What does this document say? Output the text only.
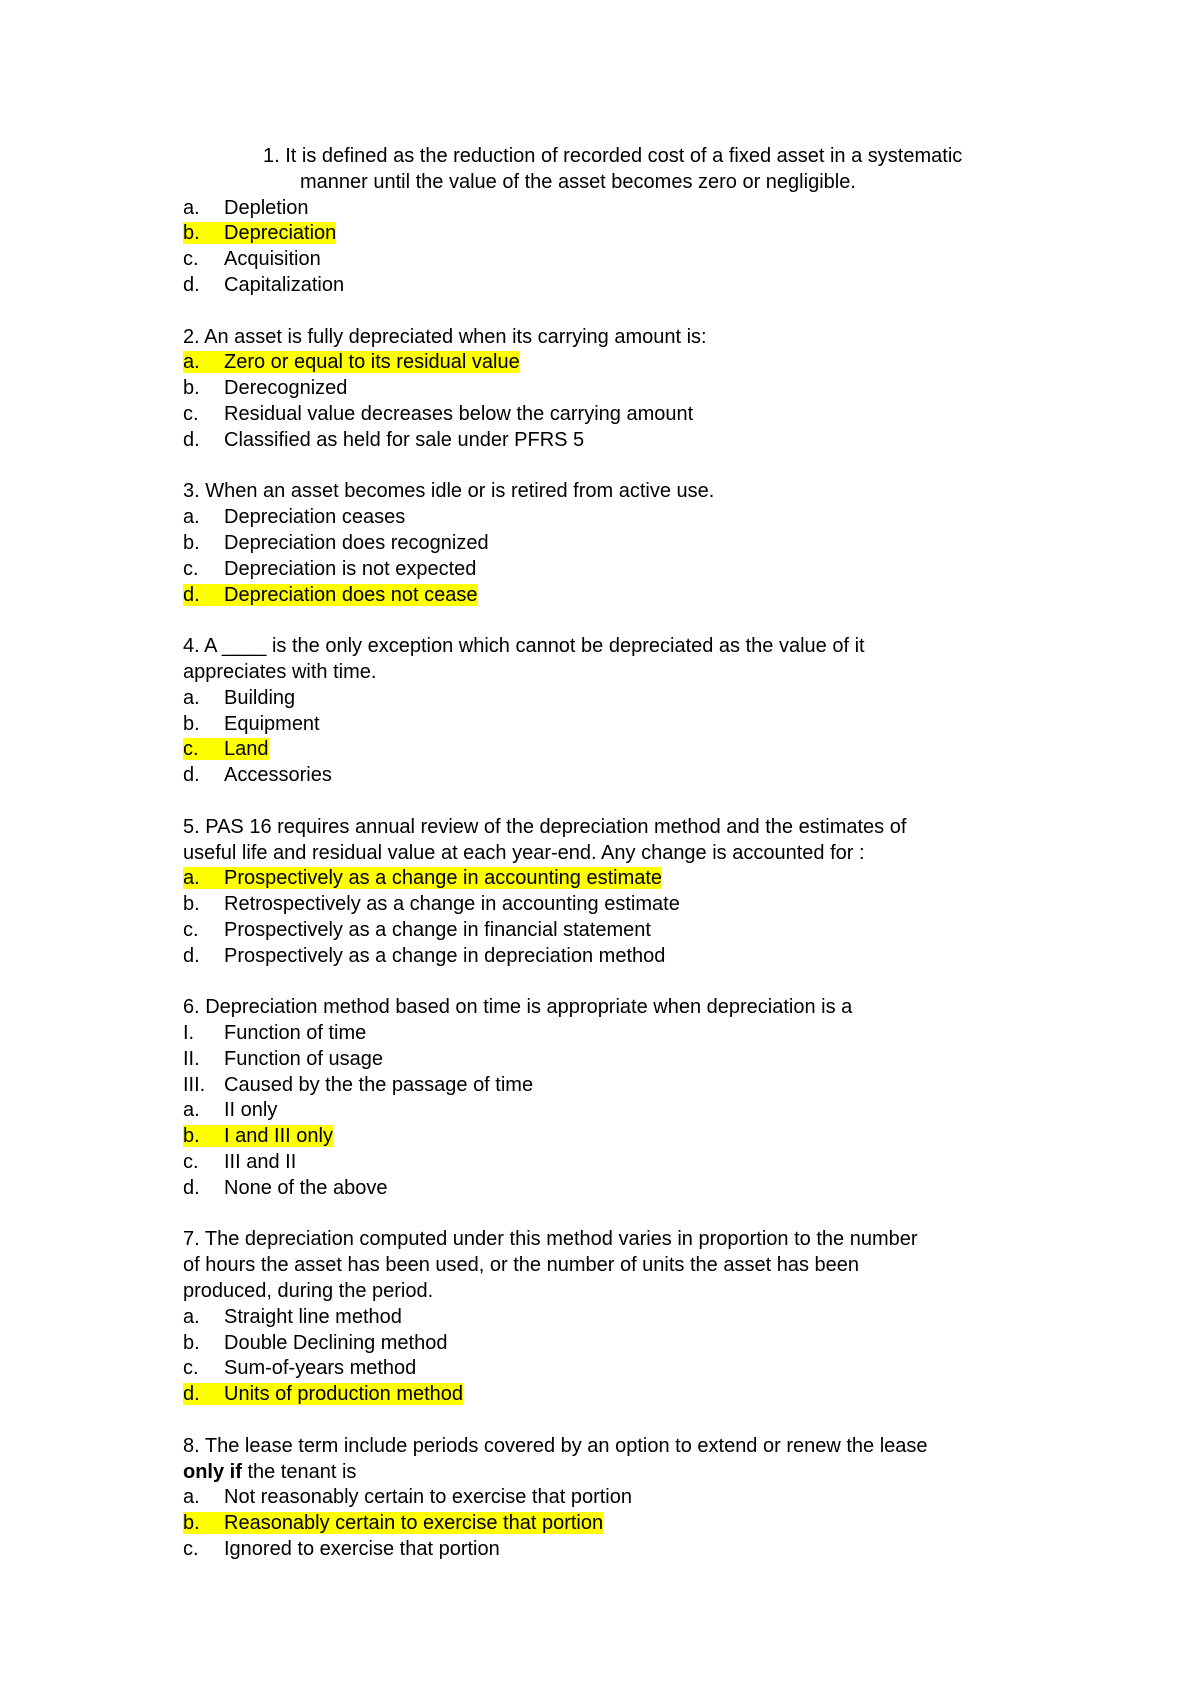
1. It is defined as the reduction of recorded cost of a fixed asset in a systematic
manner until the value of the asset becomes zero or negligible.
a. Depletion
b. Depreciation
c. Acquisition
d. Capitalization
2. An asset is fully depreciated when its carrying amount is:
a. Zero or equal to its residual value
b. Derecognized
c. Residual value decreases below the carrying amount
d. Classified as held for sale under PFRS 5
3. When an asset becomes idle or is retired from active use.
a. Depreciation ceases
b. Depreciation does recognized
c. Depreciation is not expected
d. Depreciation does not cease
4. A ____ is the only exception which cannot be depreciated as the value of it
appreciates with time.
a. Building
b. Equipment
c. Land
d. Accessories
5. PAS 16 requires annual review of the depreciation method and the estimates of
useful life and residual value at each year-end. Any change is accounted for :
a. Prospectively as a change in accounting estimate
b. Retrospectively as a change in accounting estimate
c. Prospectively as a change in financial statement
d. Prospectively as a change in depreciation method
6. Depreciation method based on time is appropriate when depreciation is a
I. Function of time
II. Function of usage
III. Caused by the the passage of time
a. II only
b. I and III only
c. III and II
d. None of the above
7. The depreciation computed under this method varies in proportion to the number
of hours the asset has been used, or the number of units the asset has been
produced, during the period.
a. Straight line method
b. Double Declining method
c. Sum-of-years method
d. Units of production method
8. The lease term include periods covered by an option to extend or renew the lease
only if the tenant is
a. Not reasonably certain to exercise that portion
b. Reasonably certain to exercise that portion
c. Ignored to exercise that portion
